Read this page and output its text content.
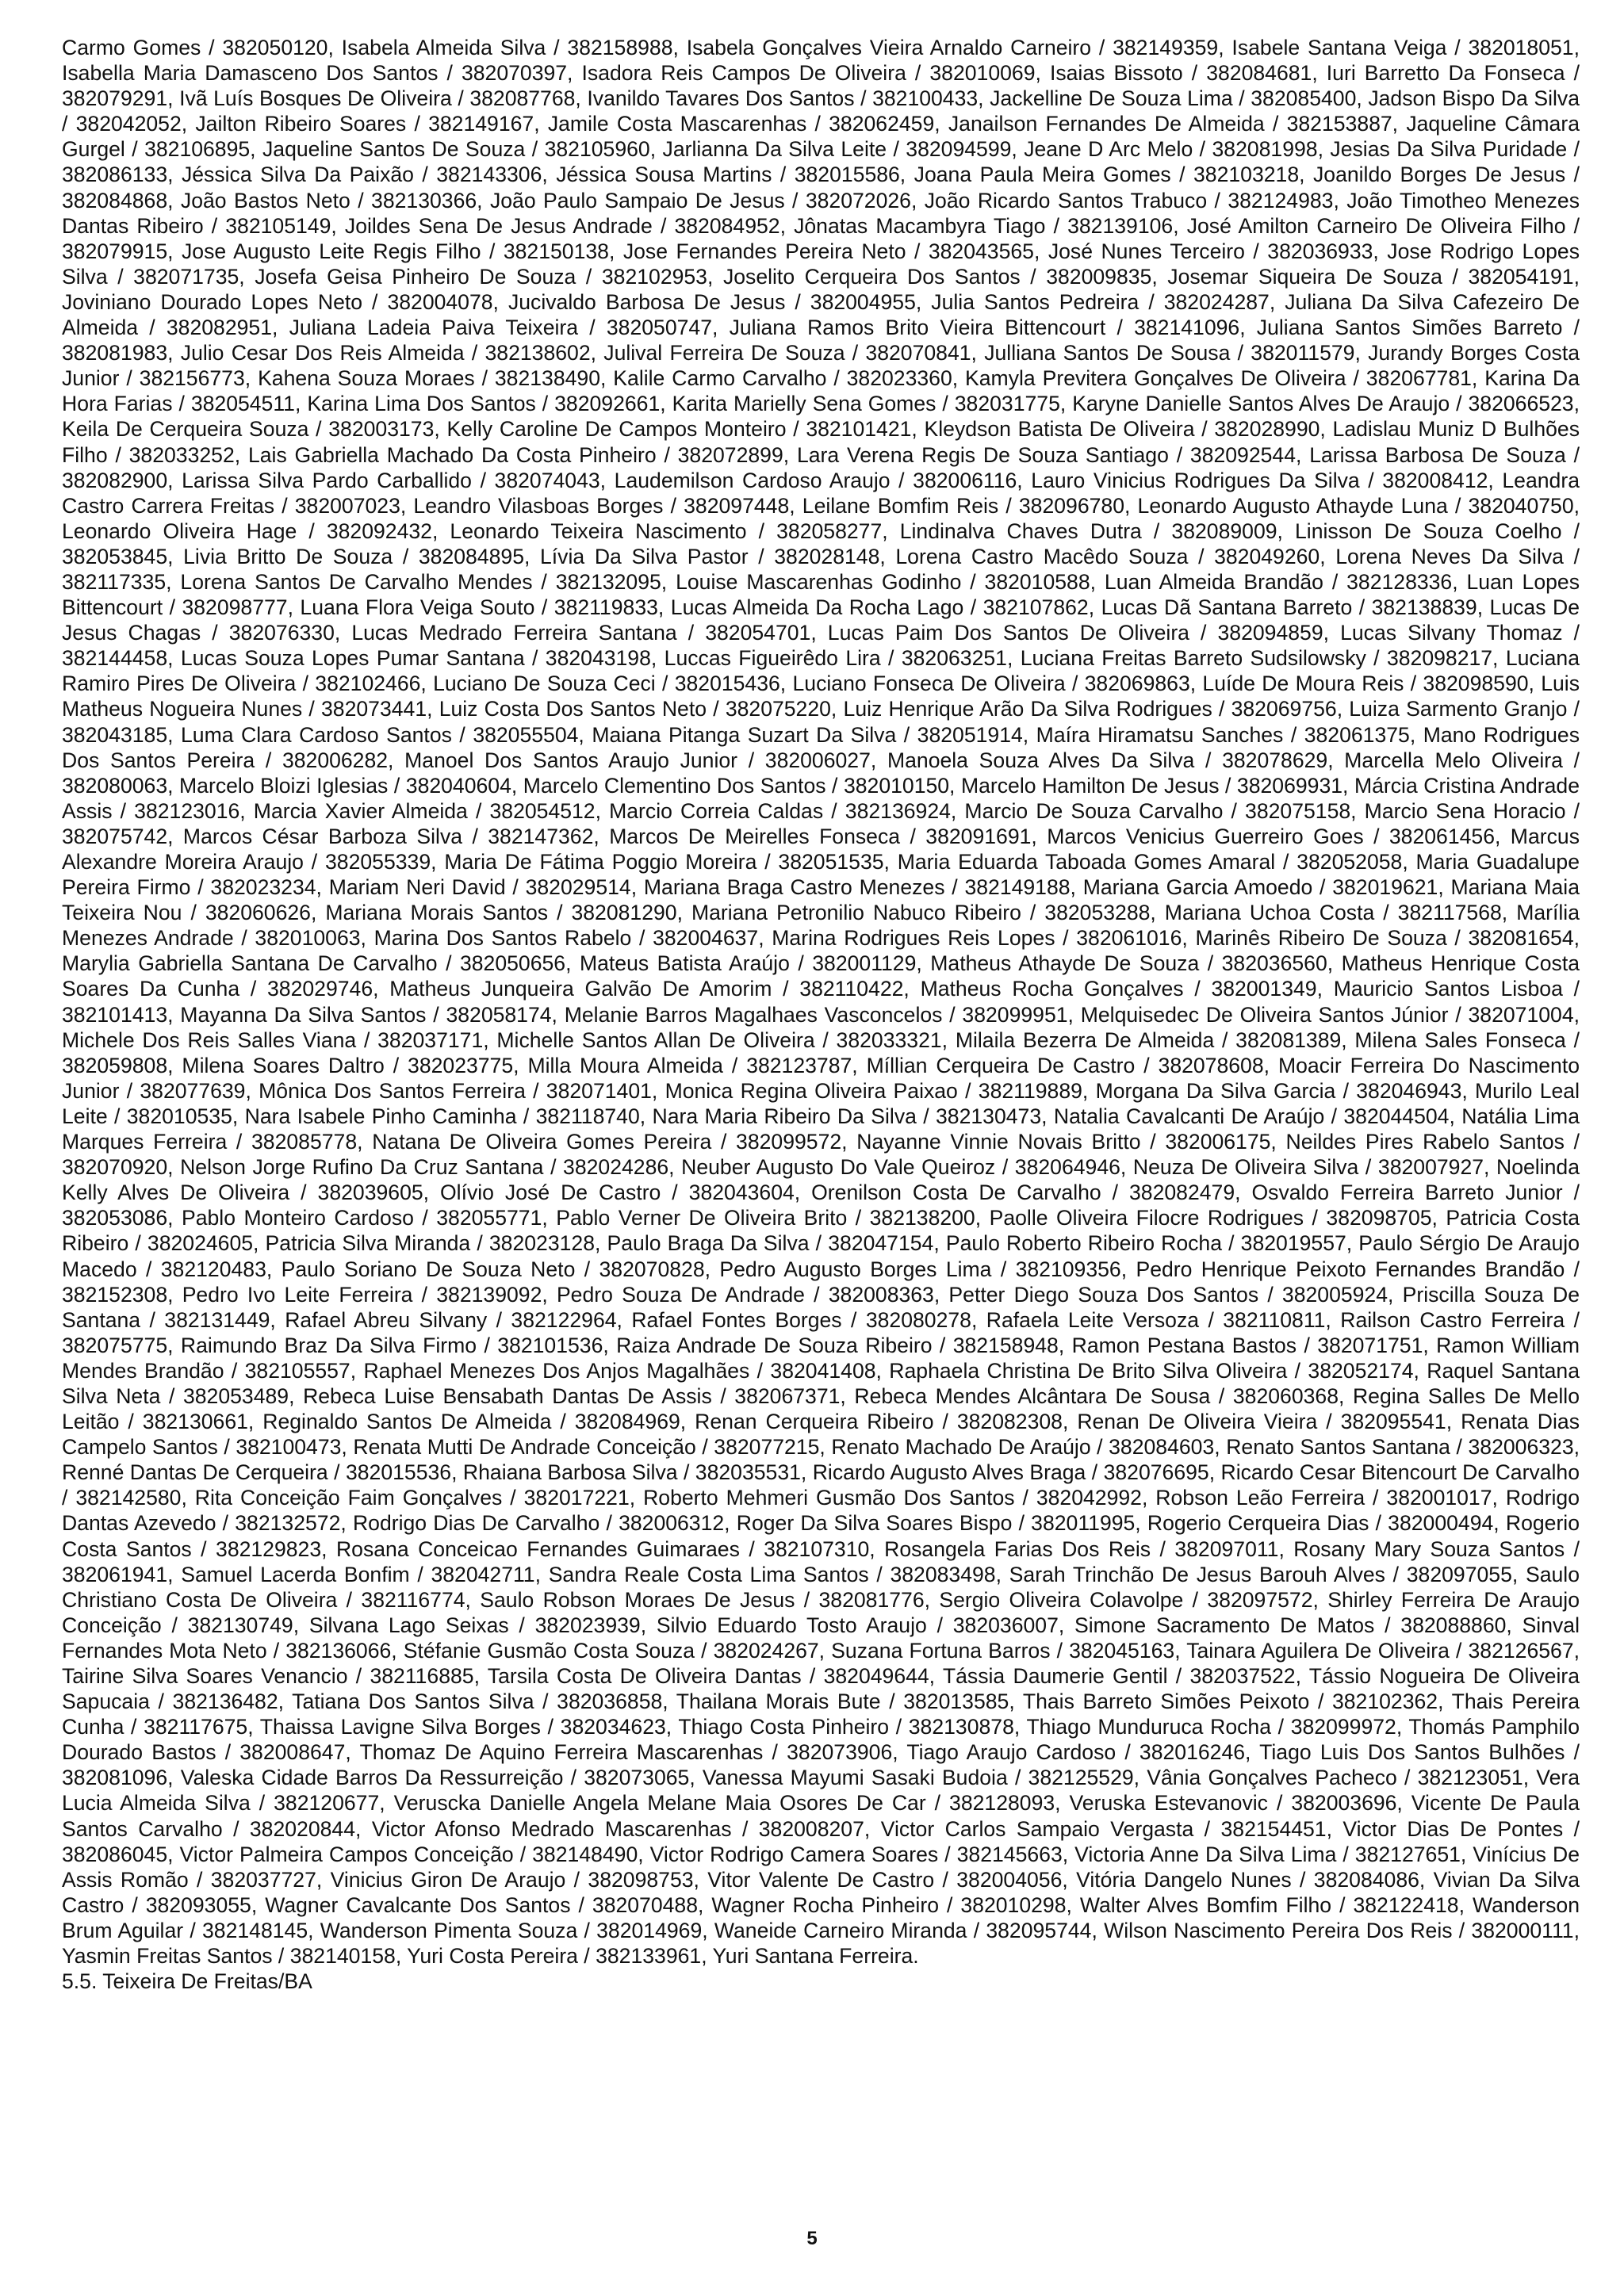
Carmo Gomes / 382050120, Isabela Almeida Silva / 382158988, Isabela Gonçalves Vieira Arnaldo Carneiro / 382149359, Isabele Santana Veiga / 382018051, Isabella Maria Damasceno Dos Santos / 382070397, Isadora Reis Campos De Oliveira / 382010069, Isaias Bissoto / 382084681, Iuri Barretto Da Fonseca / 382079291, Ivã Luís Bosques De Oliveira / 382087768, Ivanildo Tavares Dos Santos / 382100433, Jackelline De Souza Lima / 382085400, Jadson Bispo Da Silva / 382042052, Jailton Ribeiro Soares / 382149167, Jamile Costa Mascarenhas / 382062459, Janailson Fernandes De Almeida / 382153887, Jaqueline Câmara Gurgel / 382106895, Jaqueline Santos De Souza / 382105960, Jarlianna Da Silva Leite / 382094599, Jeane D Arc Melo / 382081998, Jesias Da Silva Puridade / 382086133, Jéssica Silva Da Paixão / 382143306, Jéssica Sousa Martins / 382015586, Joana Paula Meira Gomes / 382103218, Joanildo Borges De Jesus / 382084868, João Bastos Neto / 382130366, João Paulo Sampaio De Jesus / 382072026, João Ricardo Santos Trabuco / 382124983, João Timotheo Menezes Dantas Ribeiro / 382105149, Joildes Sena De Jesus Andrade / 382084952, Jônatas Macambyra Tiago / 382139106, José Amilton Carneiro De Oliveira Filho / 382079915, Jose Augusto Leite Regis Filho / 382150138, Jose Fernandes Pereira Neto / 382043565, José Nunes Terceiro / 382036933, Jose Rodrigo Lopes Silva / 382071735, Josefa Geisa Pinheiro De Souza / 382102953, Joselito Cerqueira Dos Santos / 382009835, Josemar Siqueira De Souza / 382054191, Joviniano Dourado Lopes Neto / 382004078, Jucivaldo Barbosa De Jesus / 382004955, Julia Santos Pedreira / 382024287, Juliana Da Silva Cafezeiro De Almeida / 382082951, Juliana Ladeia Paiva Teixeira / 382050747, Juliana Ramos Brito Vieira Bittencourt / 382141096, Juliana Santos Simões Barreto / 382081983, Julio Cesar Dos Reis Almeida / 382138602, Julival Ferreira De Souza / 382070841, Julliana Santos De Sousa / 382011579, Jurandy Borges Costa Junior / 382156773, Kahena Souza Moraes / 382138490, Kalile Carmo Carvalho / 382023360, Kamyla Previtera Gonçalves De Oliveira / 382067781, Karina Da Hora Farias / 382054511, Karina Lima Dos Santos / 382092661, Karita Marielly Sena Gomes / 382031775, Karyne Danielle Santos Alves De Araujo / 382066523, Keila De Cerqueira Souza / 382003173, Kelly Caroline De Campos Monteiro / 382101421, Kleydson Batista De Oliveira / 382028990, Ladislau Muniz D Bulhões Filho / 382033252, Lais Gabriella Machado Da Costa Pinheiro / 382072899, Lara Verena Regis De Souza Santiago / 382092544, Larissa Barbosa De Souza / 382082900, Larissa Silva Pardo Carballido / 382074043, Laudemilson Cardoso Araujo / 382006116, Lauro Vinicius Rodrigues Da Silva / 382008412, Leandra Castro Carrera Freitas / 382007023, Leandro Vilasboas Borges / 382097448, Leilane Bomfim Reis / 382096780, Leonardo Augusto Athayde Luna / 382040750, Leonardo Oliveira Hage / 382092432, Leonardo Teixeira Nascimento / 382058277, Lindinalva Chaves Dutra / 382089009, Linisson De Souza Coelho / 382053845, Livia Britto De Souza / 382084895, Lívia Da Silva Pastor / 382028148, Lorena Castro Macêdo Souza / 382049260, Lorena Neves Da Silva / 382117335, Lorena Santos De Carvalho Mendes / 382132095, Louise Mascarenhas Godinho / 382010588, Luan Almeida Brandão / 382128336, Luan Lopes Bittencourt / 382098777, Luana Flora Veiga Souto / 382119833, Lucas Almeida Da Rocha Lago / 382107862, Lucas Dã Santana Barreto / 382138839, Lucas De Jesus Chagas / 382076330, Lucas Medrado Ferreira Santana / 382054701, Lucas Paim Dos Santos De Oliveira / 382094859, Lucas Silvany Thomaz / 382144458, Lucas Souza Lopes Pumar Santana / 382043198, Luccas Figueirêdo Lira / 382063251, Luciana Freitas Barreto Sudsilowsky / 382098217, Luciana Ramiro Pires De Oliveira / 382102466, Luciano De Souza Ceci / 382015436, Luciano Fonseca De Oliveira / 382069863, Luíde De Moura Reis / 382098590, Luis Matheus Nogueira Nunes / 382073441, Luiz Costa Dos Santos Neto / 382075220, Luiz Henrique Arão Da Silva Rodrigues / 382069756, Luiza Sarmento Granjo / 382043185, Luma Clara Cardoso Santos / 382055504, Maiana Pitanga Suzart Da Silva / 382051914, Maíra Hiramatsu Sanches / 382061375, Mano Rodrigues Dos Santos Pereira / 382006282, Manoel Dos Santos Araujo Junior / 382006027, Manoela Souza Alves Da Silva / 382078629, Marcella Melo Oliveira / 382080063, Marcelo Bloizi Iglesias / 382040604, Marcelo Clementino Dos Santos / 382010150, Marcelo Hamilton De Jesus / 382069931, Márcia Cristina Andrade Assis / 382123016, Marcia Xavier Almeida / 382054512, Marcio Correia Caldas / 382136924, Marcio De Souza Carvalho / 382075158, Marcio Sena Horacio / 382075742, Marcos César Barboza Silva / 382147362, Marcos De Meirelles Fonseca / 382091691, Marcos Venicius Guerreiro Goes / 382061456, Marcus Alexandre Moreira Araujo / 382055339, Maria De Fátima Poggio Moreira / 382051535, Maria Eduarda Taboada Gomes Amaral / 382052058, Maria Guadalupe Pereira Firmo / 382023234, Mariam Neri David / 382029514, Mariana Braga Castro Menezes / 382149188, Mariana Garcia Amoedo / 382019621, Mariana Maia Teixeira Nou / 382060626, Mariana Morais Santos / 382081290, Mariana Petronilio Nabuco Ribeiro / 382053288, Mariana Uchoa Costa / 382117568, Marília Menezes Andrade / 382010063, Marina Dos Santos Rabelo / 382004637, Marina Rodrigues Reis Lopes / 382061016, Marinês Ribeiro De Souza / 382081654, Marylia Gabriella Santana De Carvalho / 382050656, Mateus Batista Araújo / 382001129, Matheus Athayde De Souza / 382036560, Matheus Henrique Costa Soares Da Cunha / 382029746, Matheus Junqueira Galvão De Amorim / 382110422, Matheus Rocha Gonçalves / 382001349, Mauricio Santos Lisboa / 382101413, Mayanna Da Silva Santos / 382058174, Melanie Barros Magalhaes Vasconcelos / 382099951, Melquisedec De Oliveira Santos Júnior / 382071004, Michele Dos Reis Salles Viana / 382037171, Michelle Santos Allan De Oliveira / 382033321, Milaila Bezerra De Almeida / 382081389, Milena Sales Fonseca / 382059808, Milena Soares Daltro / 382023775, Milla Moura Almeida / 382123787, Míllian Cerqueira De Castro / 382078608, Moacir Ferreira Do Nascimento Junior / 382077639, Mônica Dos Santos Ferreira / 382071401, Monica Regina Oliveira Paixao / 382119889, Morgana Da Silva Garcia / 382046943, Murilo Leal Leite / 382010535, Nara Isabele Pinho Caminha / 382118740, Nara Maria Ribeiro Da Silva / 382130473, Natalia Cavalcanti De Araújo / 382044504, Natália Lima Marques Ferreira / 382085778, Natana De Oliveira Gomes Pereira / 382099572, Nayanne Vinnie Novais Britto / 382006175, Neildes Pires Rabelo Santos / 382070920, Nelson Jorge Rufino Da Cruz Santana / 382024286, Neuber Augusto Do Vale Queiroz / 382064946, Neuza De Oliveira Silva / 382007927, Noelinda Kelly Alves De Oliveira / 382039605, Olívio José De Castro / 382043604, Orenilson Costa De Carvalho / 382082479, Osvaldo Ferreira Barreto Junior / 382053086, Pablo Monteiro Cardoso / 382055771, Pablo Verner De Oliveira Brito / 382138200, Paolle Oliveira Filocre Rodrigues / 382098705, Patricia Costa Ribeiro / 382024605, Patricia Silva Miranda / 382023128, Paulo Braga Da Silva / 382047154, Paulo Roberto Ribeiro Rocha / 382019557, Paulo Sérgio De Araujo Macedo / 382120483, Paulo Soriano De Souza Neto / 382070828, Pedro Augusto Borges Lima / 382109356, Pedro Henrique Peixoto Fernandes Brandão / 382152308, Pedro Ivo Leite Ferreira / 382139092, Pedro Souza De Andrade / 382008363, Petter Diego Souza Dos Santos / 382005924, Priscilla Souza De Santana / 382131449, Rafael Abreu Silvany / 382122964, Rafael Fontes Borges / 382080278, Rafaela Leite Versoza / 382110811, Railson Castro Ferreira / 382075775, Raimundo Braz Da Silva Firmo / 382101536, Raiza Andrade De Souza Ribeiro / 382158948, Ramon Pestana Bastos / 382071751, Ramon William Mendes Brandão / 382105557, Raphael Menezes Dos Anjos Magalhães / 382041408, Raphaela Christina De Brito Silva Oliveira / 382052174, Raquel Santana Silva Neta / 382053489, Rebeca Luise Bensabath Dantas De Assis / 382067371, Rebeca Mendes Alcântara De Sousa / 382060368, Regina Salles De Mello Leitão / 382130661, Reginaldo Santos De Almeida / 382084969, Renan Cerqueira Ribeiro / 382082308, Renan De Oliveira Vieira / 382095541, Renata Dias Campelo Santos / 382100473, Renata Mutti De Andrade Conceição / 382077215, Renato Machado De Araújo / 382084603, Renato Santos Santana / 382006323, Renné Dantas De Cerqueira / 382015536, Rhaiana Barbosa Silva / 382035531, Ricardo Augusto Alves Braga / 382076695, Ricardo Cesar Bitencourt De Carvalho / 382142580, Rita Conceição Faim Gonçalves / 382017221, Roberto Mehmeri Gusmão Dos Santos / 382042992, Robson Leão Ferreira / 382001017, Rodrigo Dantas Azevedo / 382132572, Rodrigo Dias De Carvalho / 382006312, Roger Da Silva Soares Bispo / 382011995, Rogerio Cerqueira Dias / 382000494, Rogerio Costa Santos / 382129823, Rosana Conceicao Fernandes Guimaraes / 382107310, Rosangela Farias Dos Reis / 382097011, Rosany Mary Souza Santos / 382061941, Samuel Lacerda Bonfim / 382042711, Sandra Reale Costa Lima Santos / 382083498, Sarah Trinchão De Jesus Barouh Alves / 382097055, Saulo Christiano Costa De Oliveira / 382116774, Saulo Robson Moraes De Jesus / 382081776, Sergio Oliveira Colavolpe / 382097572, Shirley Ferreira De Araujo Conceição / 382130749, Silvana Lago Seixas / 382023939, Silvio Eduardo Tosto Araujo / 382036007, Simone Sacramento De Matos / 382088860, Sinval Fernandes Mota Neto / 382136066, Stéfanie Gusmão Costa Souza / 382024267, Suzana Fortuna Barros / 382045163, Tainara Aguilera De Oliveira / 382126567, Tairine Silva Soares Venancio / 382116885, Tarsila Costa De Oliveira Dantas / 382049644, Tássia Daumerie Gentil / 382037522, Tássio Nogueira De Oliveira Sapucaia / 382136482, Tatiana Dos Santos Silva / 382036858, Thailana Morais Bute / 382013585, Thais Barreto Simões Peixoto / 382102362, Thais Pereira Cunha / 382117675, Thaissa Lavigne Silva Borges / 382034623, Thiago Costa Pinheiro / 382130878, Thiago Munduruca Rocha / 382099972, Thomás Pamphilo Dourado Bastos / 382008647, Thomaz De Aquino Ferreira Mascarenhas / 382073906, Tiago Araujo Cardoso / 382016246, Tiago Luis Dos Santos Bulhões / 382081096, Valeska Cidade Barros Da Ressurreição / 382073065, Vanessa Mayumi Sasaki Budoia / 382125529, Vânia Gonçalves Pacheco / 382123051, Vera Lucia Almeida Silva / 382120677, Veruscka Danielle Angela Melane Maia Osores De Car / 382128093, Veruska Estevanovic / 382003696, Vicente De Paula Santos Carvalho / 382020844, Victor Afonso Medrado Mascarenhas / 382008207, Victor Carlos Sampaio Vergasta / 382154451, Victor Dias De Pontes / 382086045, Victor Palmeira Campos Conceição / 382148490, Victor Rodrigo Camera Soares / 382145663, Victoria Anne Da Silva Lima / 382127651, Vinícius De Assis Romão / 382037727, Vinicius Giron De Araujo / 382098753, Vitor Valente De Castro / 382004056, Vitória Dangelo Nunes / 382084086, Vivian Da Silva Castro / 382093055, Wagner Cavalcante Dos Santos / 382070488, Wagner Rocha Pinheiro / 382010298, Walter Alves Bomfim Filho / 382122418, Wanderson Brum Aguilar / 382148145, Wanderson Pimenta Souza / 382014969, Waneide Carneiro Miranda / 382095744, Wilson Nascimento Pereira Dos Reis / 382000111, Yasmin Freitas Santos / 382140158, Yuri Costa Pereira / 382133961, Yuri Santana Ferreira.

5.5. Teixeira De Freitas/BA

5
